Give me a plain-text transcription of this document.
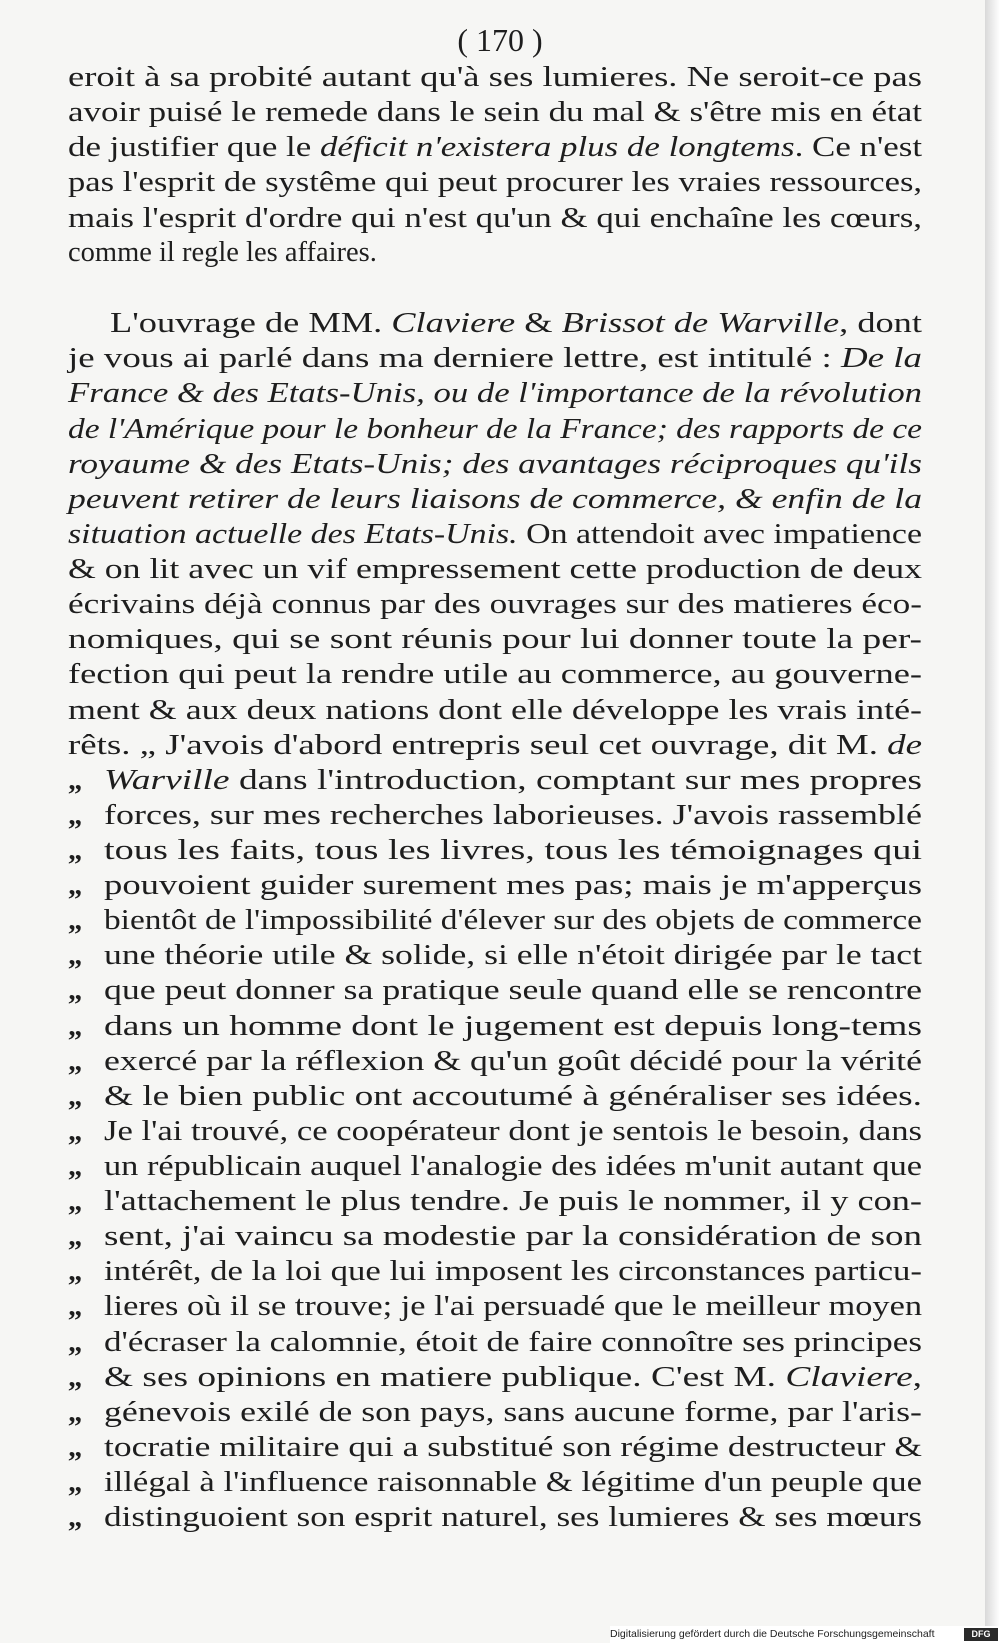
( 170 )
eroit à sa probité autant qu'à ses lumieres. Ne seroit-ce pas
avoir puisé le remede dans le sein du mal & s'être mis en état
de justifier que le déficit n'existera plus de longtems. Ce n'est
pas l'esprit de systême qui peut procurer les vraies ressources,
mais l'esprit d'ordre qui n'est qu'un & qui enchaîne les cœurs,
comme il regle les affaires.
L'ouvrage de MM. Claviere & Brissot de Warville, dont
je vous ai parlé dans ma derniere lettre, est intitulé : De la
France & des Etats-Unis, ou de l'importance de la révolution
de l'Amérique pour le bonheur de la France; des rapports de ce
royaume & des Etats-Unis; des avantages réciproques qu'ils
peuvent retirer de leurs liaisons de commerce, & enfin de la
situation actuelle des Etats-Unis. On attendoit avec impatience
& on lit avec un vif empressement cette production de deux
écrivains déjà connus par des ouvrages sur des matieres éco-
nomiques, qui se sont réunis pour lui donner toute la per-
fection qui peut la rendre utile au commerce, au gouverne-
ment & aux deux nations dont elle développe les vrais inté-
rêts. „ J'avois d'abord entrepris seul cet ouvrage, dit M. de
„ Warville dans l'introduction, comptant sur mes propres
„ forces, sur mes recherches laborieuses. J'avois rassemblé
„ tous les faits, tous les livres, tous les témoignages qui
„ pouvoient guider surement mes pas; mais je m'apperçus
„ bientôt de l'impossibilité d'élever sur des objets de commerce
„ une théorie utile & solide, si elle n'étoit dirigée par le tact
„ que peut donner sa pratique seule quand elle se rencontre
„ dans un homme dont le jugement est depuis long-tems
„ exercé par la réflexion & qu'un goût décidé pour la vérité
„ & le bien public ont accoutumé à généraliser ses idées.
„ Je l'ai trouvé, ce coopérateur dont je sentois le besoin, dans
„ un républicain auquel l'analogie des idées m'unit autant que
„ l'attachement le plus tendre. Je puis le nommer, il y con-
„ sent, j'ai vaincu sa modestie par la considération de son
„ intérêt, de la loi que lui imposent les circonstances particu-
„ lieres où il se trouve; je l'ai persuadé que le meilleur moyen
„ d'écraser la calomnie, étoit de faire connoître ses principes
„ & ses opinions en matiere publique. C'est M. Claviere,
„ génevois exilé de son pays, sans aucune forme, par l'aris-
„ tocratie militaire qui a substitué son régime destructeur &
„ illégal à l'influence raisonnable & légitime d'un peuple que
„ distinguoient son esprit naturel, ses lumieres & ses mœurs
Digitalisierung gefördert durch die Deutsche Forschungsgemeinschaft	DFG
